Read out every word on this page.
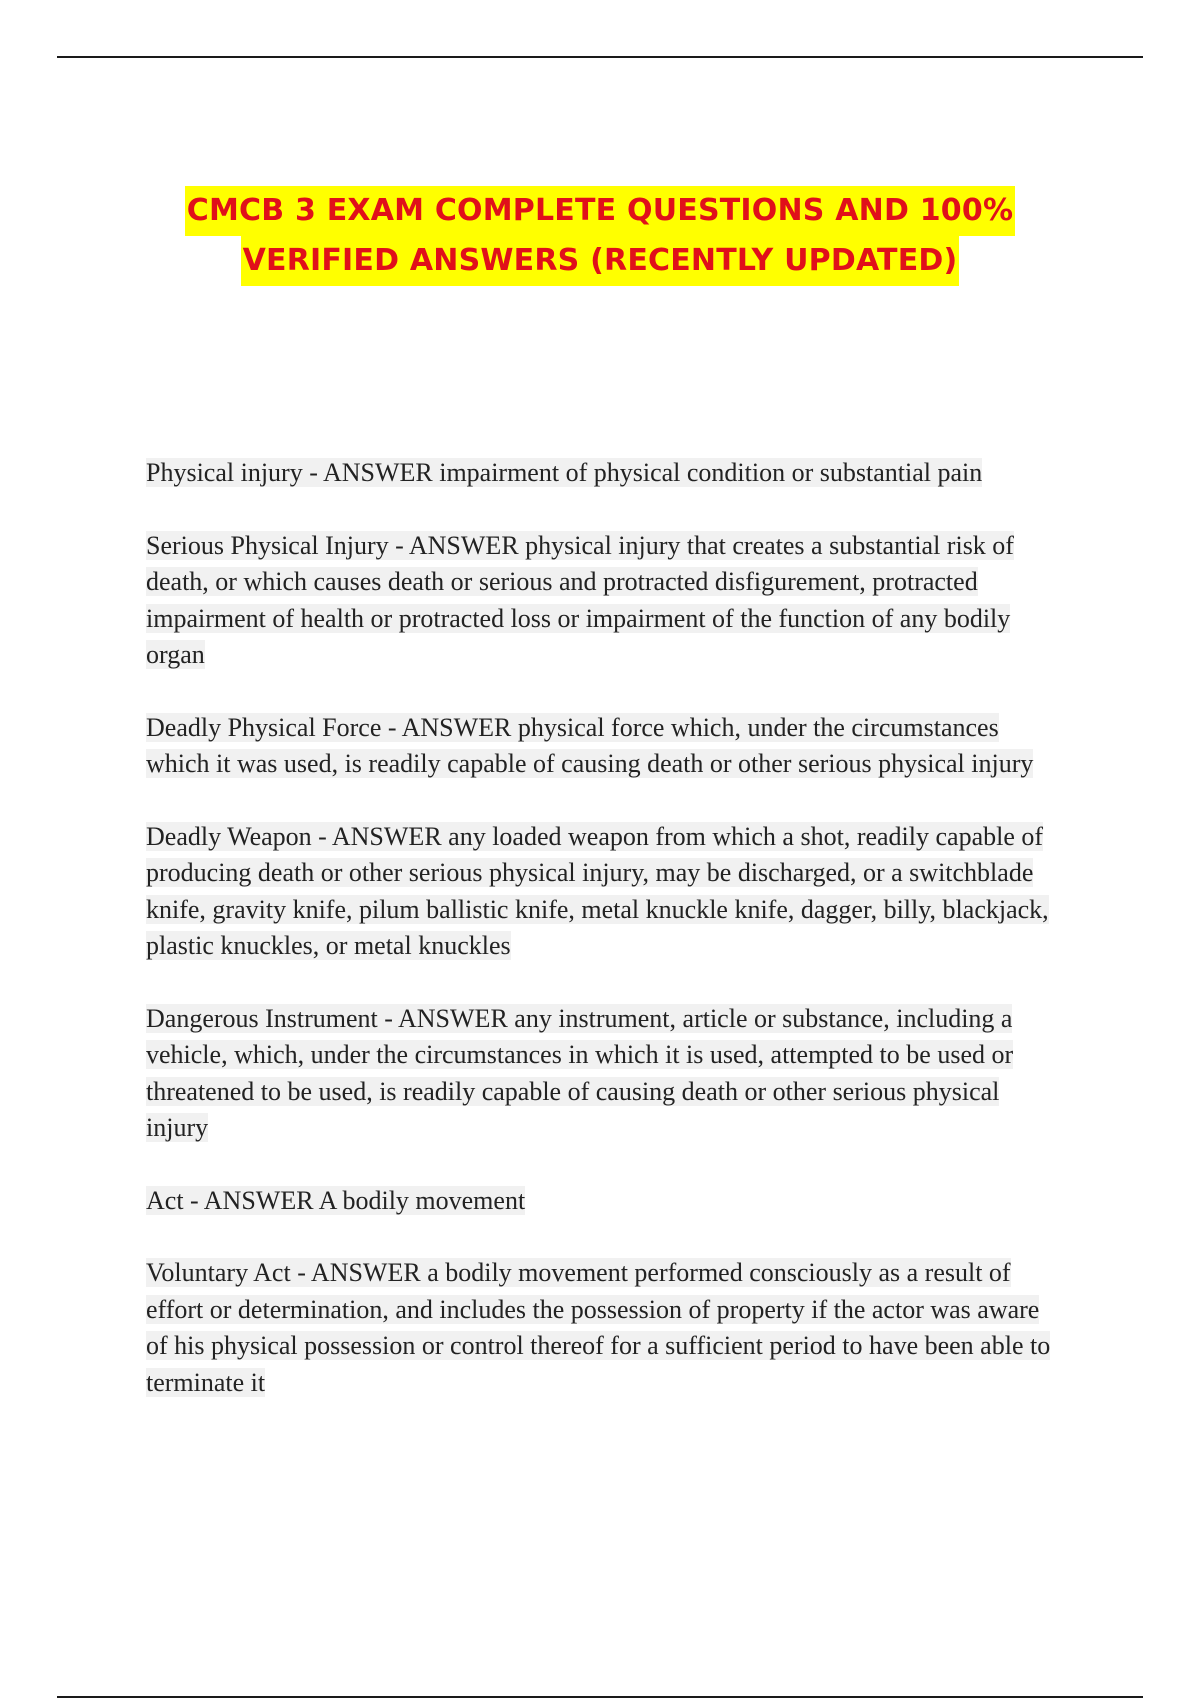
CMCB 3 EXAM COMPLETE QUESTIONS AND 100%
VERIFIED ANSWERS (RECENTLY UPDATED)

Physical injury - ANSWER impairment of physical condition or substantial pain

Serious Physical Injury - ANSWER physical injury that creates a substantial risk of death, or which causes death or serious and protracted disfigurement, protracted impairment of health or protracted loss or impairment of the function of any bodily organ

Deadly Physical Force - ANSWER physical force which, under the circumstances which it was used, is readily capable of causing death or other serious physical injury

Deadly Weapon - ANSWER any loaded weapon from which a shot, readily capable of producing death or other serious physical injury, may be discharged, or a switchblade knife, gravity knife, pilum ballistic knife, metal knuckle knife, dagger, billy, blackjack, plastic knuckles, or metal knuckles

Dangerous Instrument - ANSWER any instrument, article or substance, including a vehicle, which, under the circumstances in which it is used, attempted to be used or threatened to be used, is readily capable of causing death or other serious physical injury

Act - ANSWER A bodily movement

Voluntary Act - ANSWER a bodily movement performed consciously as a result of effort or determination, and includes the possession of property if the actor was aware of his physical possession or control thereof for a sufficient period to have been able to terminate it
